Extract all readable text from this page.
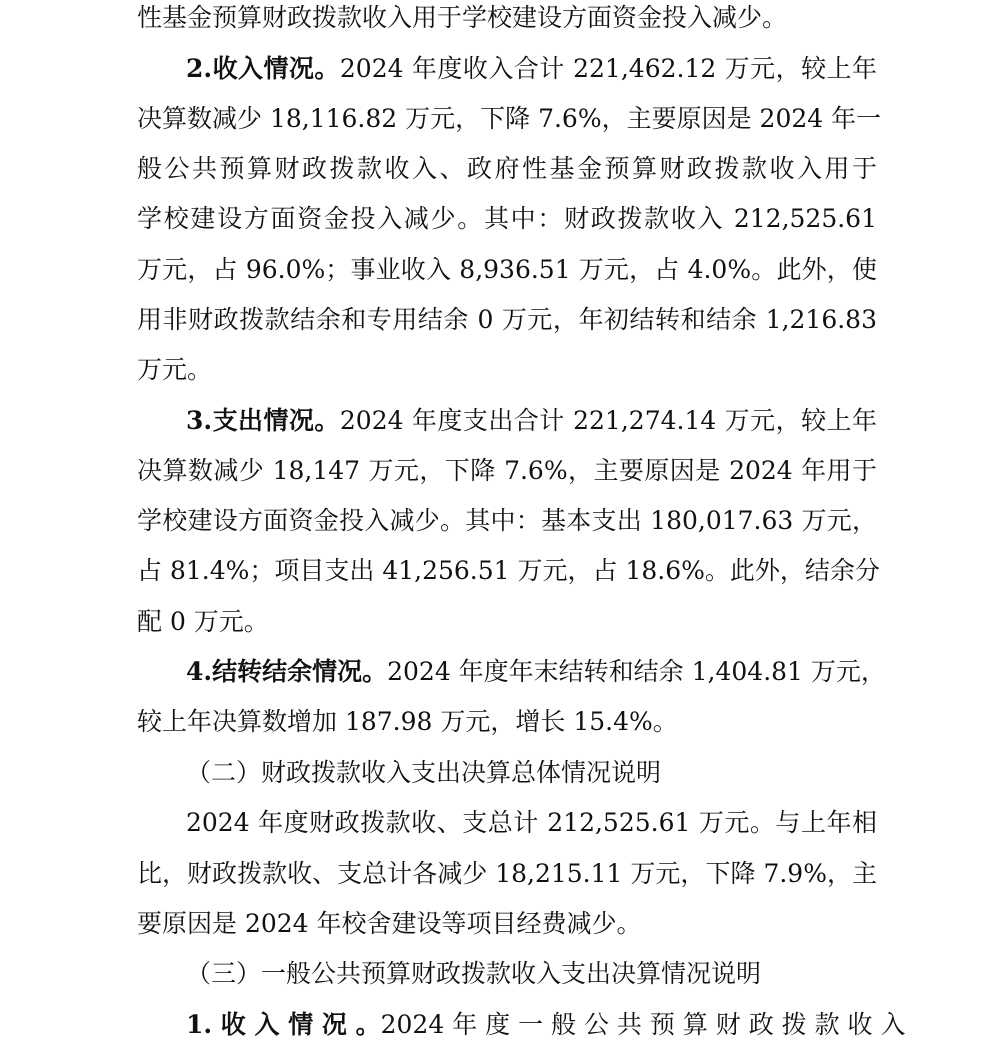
性基金预算财政拨款收入用于学校建设方面资金投入减少。
2.收入情况。2024 年度收入合计 221,462.12 万元，较上年
决算数减少 18,116.82 万元，下降 7.6%，主要原因是 2024 年一
般公共预算财政拨款收入、政府性基金预算财政拨款收入用于
学校建设方面资金投入减少。其中：财政拨款收入 212,525.61
万元，占 96.0%；事业收入 8,936.51 万元，占 4.0%。此外，使
用非财政拨款结余和专用结余 0 万元，年初结转和结余 1,216.83
万元。
3.支出情况。2024 年度支出合计 221,274.14 万元，较上年
决算数减少 18,147 万元，下降 7.6%，主要原因是 2024 年用于
学校建设方面资金投入减少。其中：基本支出 180,017.63 万元，
占 81.4%；项目支出 41,256.51 万元，占 18.6%。此外，结余分
配 0 万元。
4.结转结余情况。2024 年度年末结转和结余 1,404.81 万元，
较上年决算数增加 187.98 万元，增长 15.4%。
（二）财政拨款收入支出决算总体情况说明
2024 年度财政拨款收、支总计 212,525.61 万元。与上年相
比，财政拨款收、支总计各减少 18,215.11 万元，下降 7.9%，主
要原因是 2024 年校舍建设等项目经费减少。
（三）一般公共预算财政拨款收入支出决算情况说明
1. 收 入 情 况 。2024 年 度 一 般 公 共 预 算 财 政 拨 款 收 入
